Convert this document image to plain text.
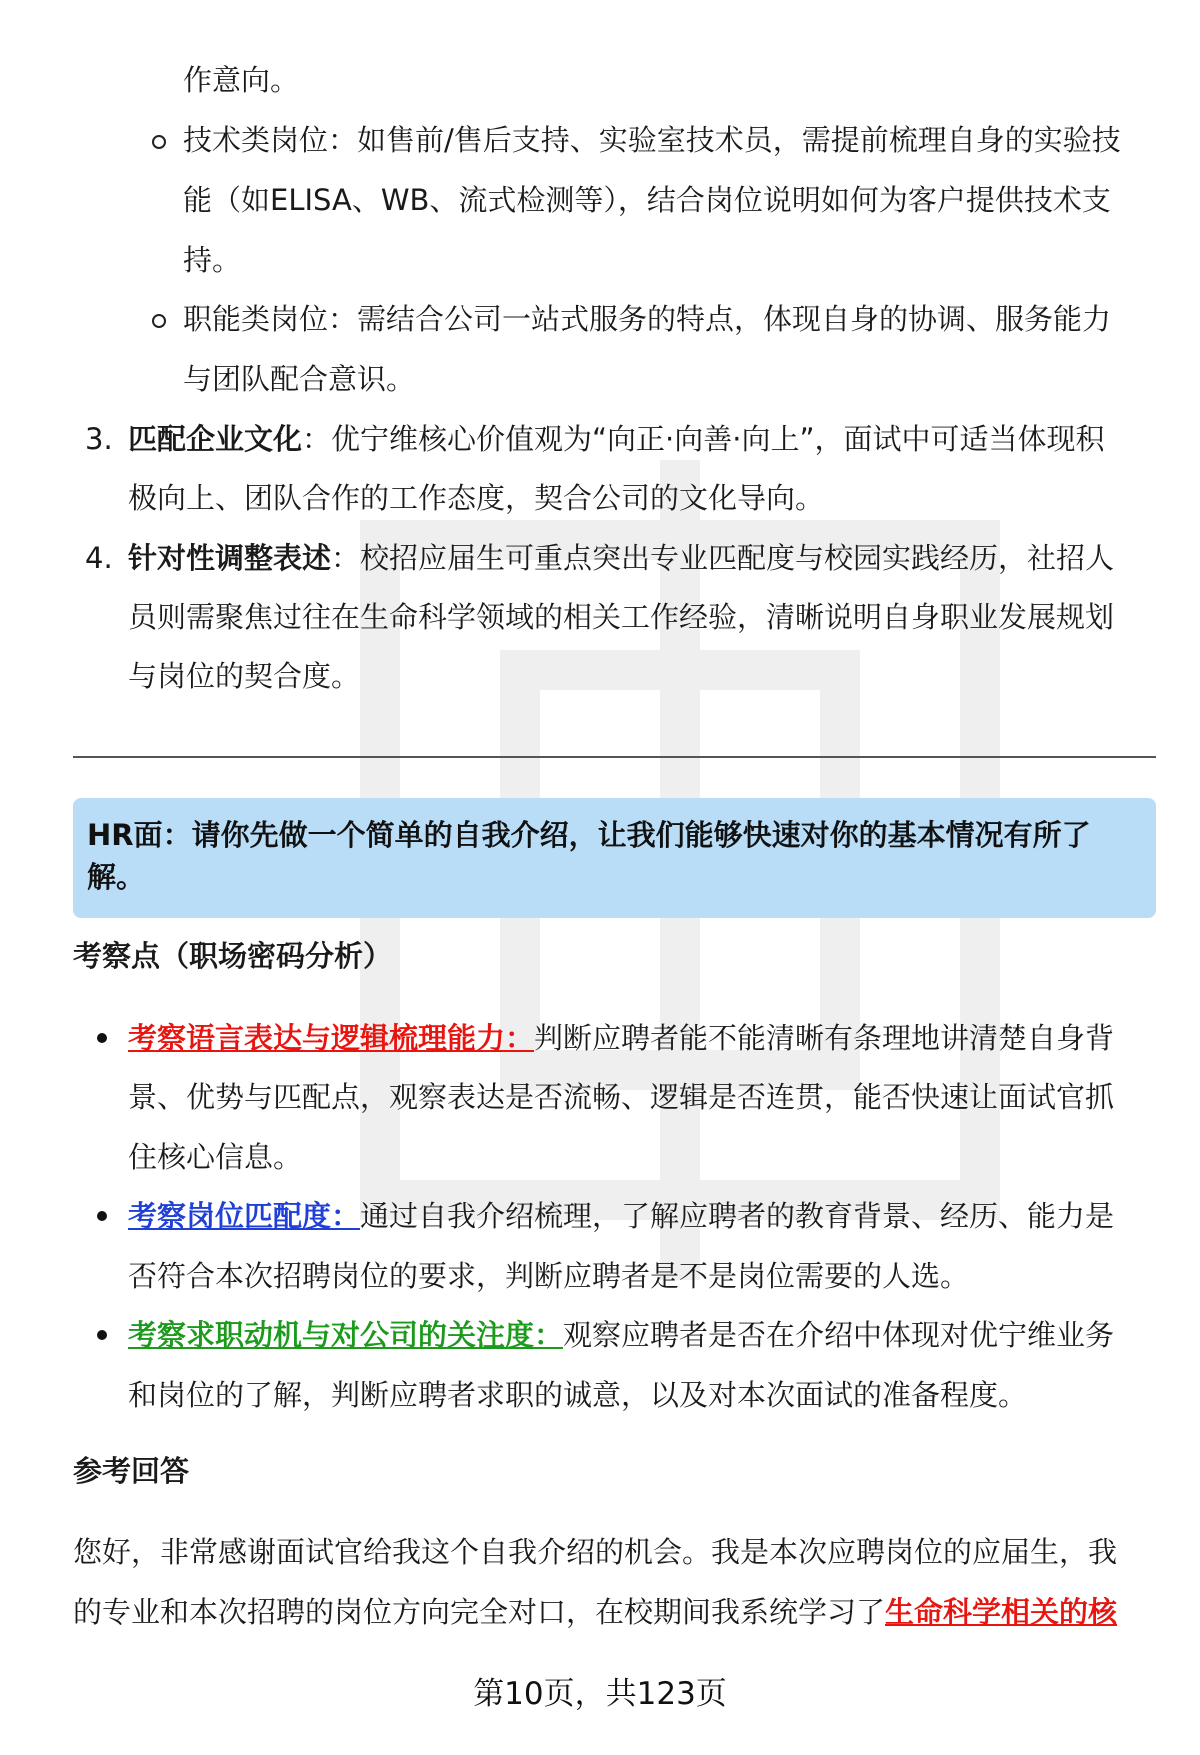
作意向。
技术类岗位：如售前/售后支持、实验室技术员，需提前梳理自身的实验技
能（如ELISA、WB、流式检测等），结合岗位说明如何为客户提供技术支
持。
职能类岗位：需结合公司一站式服务的特点，体现自身的协调、服务能力
与团队配合意识。
3. 匹配企业文化：优宁维核心价值观为“向正·向善·向上”，面试中可适当体现积
极向上、团队合作的工作态度，契合公司的文化导向。
4. 针对性调整表述：校招应届生可重点突出专业匹配度与校园实践经历，社招人
员则需聚焦过往在生命科学领域的相关工作经验，清晰说明自身职业发展规划
与岗位的契合度。
HR面：请你先做一个简单的自我介绍，让我们能够快速对你的基本情况有所了
解。
考察点（职场密码分析）
考察语言表达与逻辑梳理能力：判断应聘者能不能清晰有条理地讲清楚自身背
景、优势与匹配点，观察表达是否流畅、逻辑是否连贯，能否快速让面试官抓
住核心信息。
考察岗位匹配度：通过自我介绍梳理，了解应聘者的教育背景、经历、能力是
否符合本次招聘岗位的要求，判断应聘者是不是岗位需要的人选。
考察求职动机与对公司的关注度：观察应聘者是否在介绍中体现对优宁维业务
和岗位的了解，判断应聘者求职的诚意，以及对本次面试的准备程度。
参考回答
您好，非常感谢面试官给我这个自我介绍的机会。我是本次应聘岗位的应届生，我
的专业和本次招聘的岗位方向完全对口，在校期间我系统学习了生命科学相关的核
第10页，共123页
